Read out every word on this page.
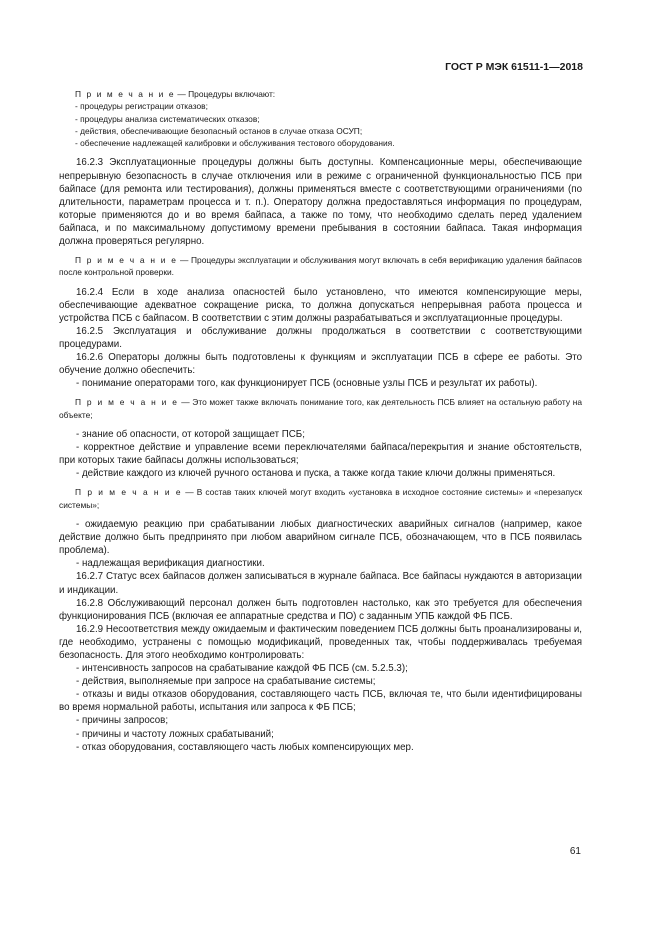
ГОСТ Р МЭК 61511-1—2018
П р и м е ч а н и е — Процедуры включают:
- процедуры регистрации отказов;
- процедуры анализа систематических отказов;
- действия, обеспечивающие безопасный останов в случае отказа ОСУП;
- обеспечение надлежащей калибровки и обслуживания тестового оборудования.

16.2.3 Эксплуатационные процедуры должны быть доступны. Компенсационные меры, обеспечивающие непрерывную безопасность в случае отключения или в режиме с ограниченной функциональностью ПСБ при байпасе (для ремонта или тестирования), должны применяться вместе с соответствующими ограничениями (по длительности, параметрам процесса и т. п.). Оператору должна предоставляться информация по процедурам, которые применяются до и во время байпаса, а также по тому, что необходимо сделать перед удалением байпаса, и по максимальному допустимому времени пребывания в состоянии байпаса. Такая информация должна проверяться регулярно.

П р и м е ч а н и е — Процедуры эксплуатации и обслуживания могут включать в себя верификацию удаления байпасов после контрольной проверки.

16.2.4 Если в ходе анализа опасностей было установлено, что имеются компенсирующие меры, обеспечивающие адекватное сокращение риска, то должна допускаться непрерывная работа процесса и устройства ПСБ с байпасом. В соответствии с этим должны разрабатываться и эксплуатационные процедуры.

16.2.5 Эксплуатация и обслуживание должны продолжаться в соответствии с соответствующими процедурами.

16.2.6 Операторы должны быть подготовлены к функциям и эксплуатации ПСБ в сфере ее работы. Это обучение должно обеспечить:

- понимание операторами того, как функционирует ПСБ (основные узлы ПСБ и результат их работы).

П р и м е ч а н и е — Это может также включать понимание того, как деятельность ПСБ влияет на остальную работу на объекте;

- знание об опасности, от которой защищает ПСБ;

- корректное действие и управление всеми переключателями байпаса/перекрытия и знание обстоятельств, при которых такие байпасы должны использоваться;

- действие каждого из ключей ручного останова и пуска, а также когда такие ключи должны применяться.

П р и м е ч а н и е — В состав таких ключей могут входить «установка в исходное состояние системы» и «перезапуск системы»;

- ожидаемую реакцию при срабатывании любых диагностических аварийных сигналов (например, какое действие должно быть предпринято при любом аварийном сигнале ПСБ, обозначающем, что в ПСБ появилась проблема).

- надлежащая верификация диагностики.

16.2.7 Статус всех байпасов должен записываться в журнале байпаса. Все байпасы нуждаются в авторизации и индикации.

16.2.8 Обслуживающий персонал должен быть подготовлен настолько, как это требуется для обеспечения функционирования ПСБ (включая ее аппаратные средства и ПО) с заданным УПБ каждой ФБ ПСБ.

16.2.9 Несоответствия между ожидаемым и фактическим поведением ПСБ должны быть проанализированы и, где необходимо, устранены с помощью модификаций, проведенных так, чтобы поддерживалась требуемая безопасность. Для этого необходимо контролировать:

- интенсивность запросов на срабатывание каждой ФБ ПСБ (см. 5.2.5.3);

- действия, выполняемые при запросе на срабатывание системы;

- отказы и виды отказов оборудования, составляющего часть ПСБ, включая те, что были идентифицированы во время нормальной работы, испытания или запроса к ФБ ПСБ;

- причины запросов;

- причины и частоту ложных срабатываний;

- отказ оборудования, составляющего часть любых компенсирующих мер.

61
